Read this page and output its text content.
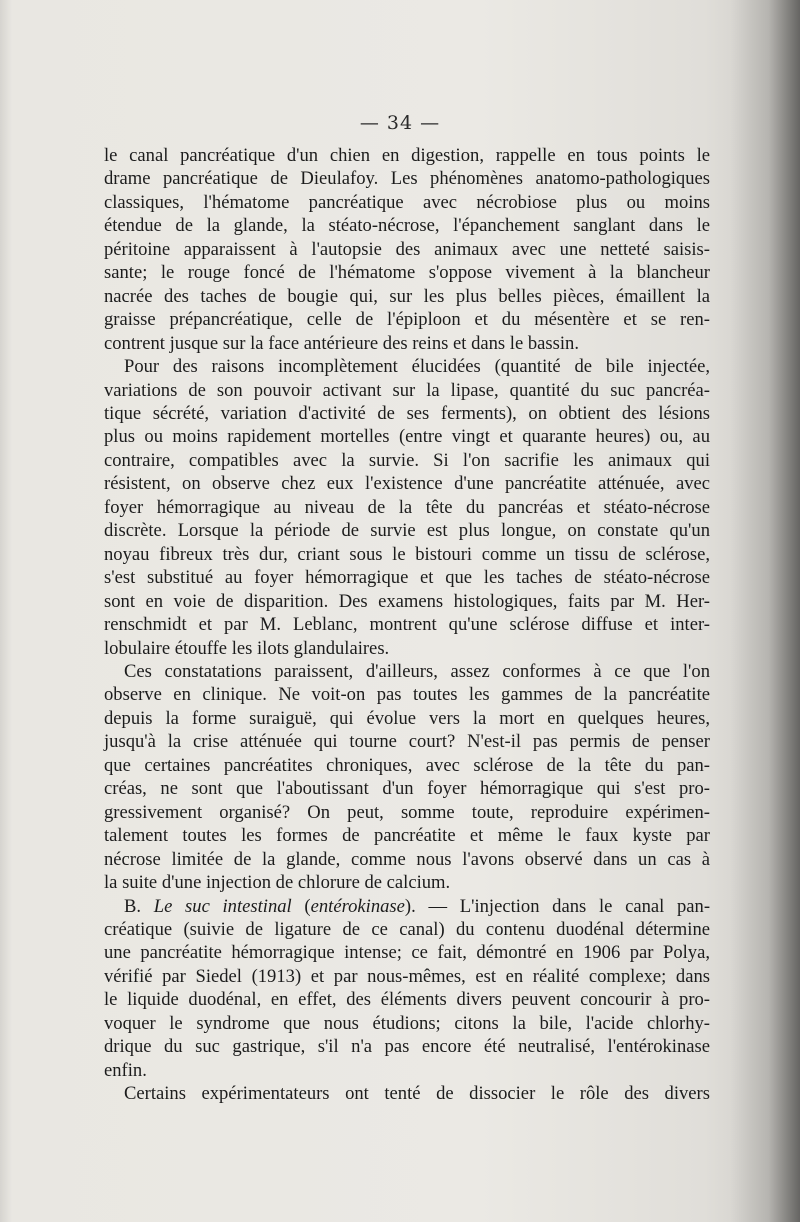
— 34 —

le canal pancréatique d'un chien en digestion, rappelle en tous points le

drame pancréatique de Dieulafoy. Les phénomènes anatomo-pathologiques

classiques, l'hématome pancréatique avec nécrobiose plus ou moins

étendue de la glande, la stéato-nécrose, l'épanchement sanglant dans le

péritoine apparaissent à l'autopsie des animaux avec une netteté saisis-

sante; le rouge foncé de l'hématome s'oppose vivement à la blancheur

nacrée des taches de bougie qui, sur les plus belles pièces, émaillent la

graisse prépancréatique, celle de l'épiploon et du mésentère et se ren-

contrent jusque sur la face antérieure des reins et dans le bassin.

Pour des raisons incomplètement élucidées (quantité de bile injectée,

variations de son pouvoir activant sur la lipase, quantité du suc pancréa-

tique sécrété, variation d'activité de ses ferments), on obtient des lésions

plus ou moins rapidement mortelles (entre vingt et quarante heures) ou, au

contraire, compatibles avec la survie. Si l'on sacrifie les animaux qui

résistent, on observe chez eux l'existence d'une pancréatite atténuée, avec

foyer hémorragique au niveau de la tête du pancréas et stéato-nécrose

discrète. Lorsque la période de survie est plus longue, on constate qu'un

noyau fibreux très dur, criant sous le bistouri comme un tissu de sclérose,

s'est substitué au foyer hémorragique et que les taches de stéato-nécrose

sont en voie de disparition. Des examens histologiques, faits par M. Her-

renschmidt et par M. Leblanc, montrent qu'une sclérose diffuse et inter-

lobulaire étouffe les ilots glandulaires.

Ces constatations paraissent, d'ailleurs, assez conformes à ce que l'on

observe en clinique. Ne voit-on pas toutes les gammes de la pancréatite

depuis la forme suraiguë, qui évolue vers la mort en quelques heures,

jusqu'à la crise atténuée qui tourne court? N'est-il pas permis de penser

que certaines pancréatites chroniques, avec sclérose de la tête du pan-

créas, ne sont que l'aboutissant d'un foyer hémorragique qui s'est pro-

gressivement organisé? On peut, somme toute, reproduire expérimen-

talement toutes les formes de pancréatite et même le faux kyste par

nécrose limitée de la glande, comme nous l'avons observé dans un cas à

la suite d'une injection de chlorure de calcium.

B. Le suc intestinal (entérokinase). — L'injection dans le canal pan-

créatique (suivie de ligature de ce canal) du contenu duodénal détermine

une pancréatite hémorragique intense; ce fait, démontré en 1906 par Polya,

vérifié par Siedel (1913) et par nous-mêmes, est en réalité complexe; dans

le liquide duodénal, en effet, des éléments divers peuvent concourir à pro-

voquer le syndrome que nous étudions; citons la bile, l'acide chlorhy-

drique du suc gastrique, s'il n'a pas encore été neutralisé, l'entérokinase

enfin.

Certains expérimentateurs ont tenté de dissocier le rôle des divers
